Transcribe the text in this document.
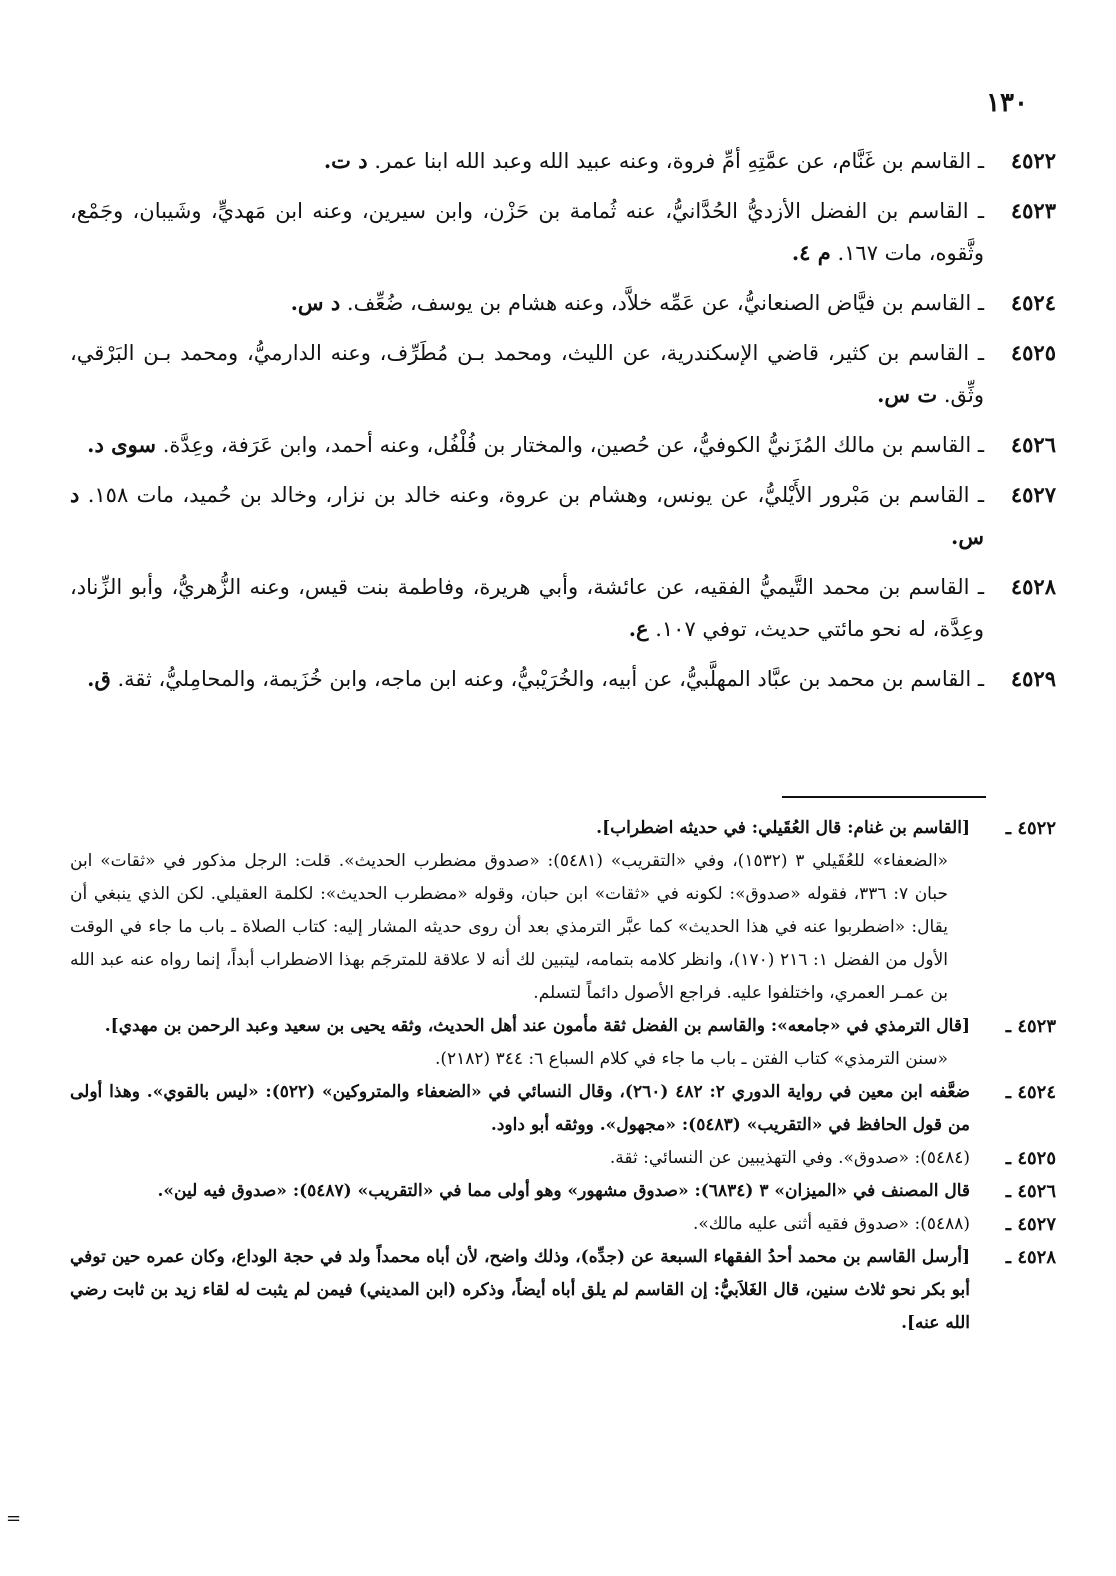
١٣٠
٤٥٢٢
ـ القاسم بن غَنَّام، عن عمَّتِهِ أمِّ فروة، وعنه عبيد الله وعبد الله ابنا عمر. د ت.
٤٥٢٣
ـ القاسم بن الفضل الأزديُّ الحُدَّانيُّ، عنه ثُمامة بن حَزْن، وابن سيرين، وعنه ابن مَهديٍّ، وشَيبان، وجَمْع، وثَّقوه، مات ١٦٧. م ٤.
٤٥٢٤
ـ القاسم بن فيَّاض الصنعانيُّ، عن عَمِّه خلاَّد، وعنه هشام بن يوسف، ضُعِّف. د س.
٤٥٢٥
ـ القاسم بن كثير، قاضي الإسكندرية، عن الليث، ومحمد بـن مُطَرِّف، وعنه الدارميُّ، ومحمد بـن البَرْقي، وثِّق. ت س.
٤٥٢٦
ـ القاسم بن مالك المُزَنيُّ الكوفيُّ، عن حُصين، والمختار بن فُلْفُل، وعنه أحمد، وابن عَرَفة، وعِدَّة. سوى د.
٤٥٢٧
ـ القاسم بن مَبْرور الأَيْليُّ، عن يونس، وهشام بن عروة، وعنه خالد بن نزار، وخالد بن حُميد، مات ١٥٨. د س.
٤٥٢٨
ـ القاسم بن محمد التَّيميُّ الفقيه، عن عائشة، وأبي هريرة، وفاطمة بنت قيس، وعنه الزُّهريُّ، وأبو الزِّناد، وعِدَّة، له نحو مائتي حديث، توفي ١٠٧. ع.
٤٥٢٩
ـ القاسم بن محمد بن عبَّاد المهلَّبيُّ، عن أبيه، والخُرَيْبيُّ، وعنه ابن ماجه، وابن خُزَيمة، والمحامِليُّ، ثقة. ق.
٤٥٢٢ ـ
[القاسم بن غنام: قال العُقَيلي: في حديثه اضطراب].
«الضعفاء» للعُقَيلي ٣ (١٥٣٢)، وفي «التقريب» (٥٤٨١): «صدوق مضطرب الحديث». قلت: الرجل مذكور في «ثقات» ابن حبان ٧: ٣٣٦، فقوله «صدوق»: لكونه في «ثقات» ابن حبان، وقوله «مضطرب الحديث»: لكلمة العقيلي. لكن الذي ينبغي أن يقال: «اضطربوا عنه في هذا الحديث» كما عبَّر الترمذي بعد أن روى حديثه المشار إليه: كتاب الصلاة ـ باب ما جاء في الوقت الأول من الفضل ١: ٢١٦ (١٧٠)، وانظر كلامه بتمامه، ليتبين لك أنه لا علاقة للمترجَم بهذا الاضطراب أبداً، إنما رواه عنه عبد الله بن عمـر العمري، واختلفوا عليه. فراجع الأصول دائماً لتسلم.
٤٥٢٣ ـ
[قال الترمذي في «جامعه»: والقاسم بن الفضل ثقة مأمون عند أهل الحديث، وثقه يحيى بن سعيد وعبد الرحمن بن مهدي].
«سنن الترمذي» كتاب الفتن ـ باب ما جاء في كلام السباع ٦: ٣٤٤ (٢١٨٢).
٤٥٢٤ ـ
ضعَّفه ابن معين في رواية الدوري ٢: ٤٨٢ (٢٦٠)، وقال النسائي في «الضعفاء والمتروكين» (٥٢٢): «ليس بالقوي». وهذا أولى من قول الحافظ في «التقريب» (٥٤٨٣): «مجهول». ووثقه أبو داود.
٤٥٢٥ ـ
(٥٤٨٤): «صدوق». وفي التهذيبين عن النسائي: ثقة.
٤٥٢٦ ـ
قال المصنف في «الميزان» ٣ (٦٨٣٤): «صدوق مشهور» وهو أولى مما في «التقريب» (٥٤٨٧): «صدوق فيه لين».
٤٥٢٧ ـ
(٥٤٨٨): «صدوق فقيه أثنى عليه مالك».
٤٥٢٨ ـ
[أرسل القاسم بن محمد أحدُ الفقهاء السبعة عن (جدِّه)، وذلك واضح، لأن أباه محمداً ولد في حجة الوداع، وكان عمره حين توفي أبو بكر نحو ثلاث سنين، قال الغَلاَبيُّ: إن القاسم لم يلق أباه أيضاً، وذكره (ابن المديني) فيمن لم يثبت له لقاء زيد بن ثابت رضي الله عنه].
=
